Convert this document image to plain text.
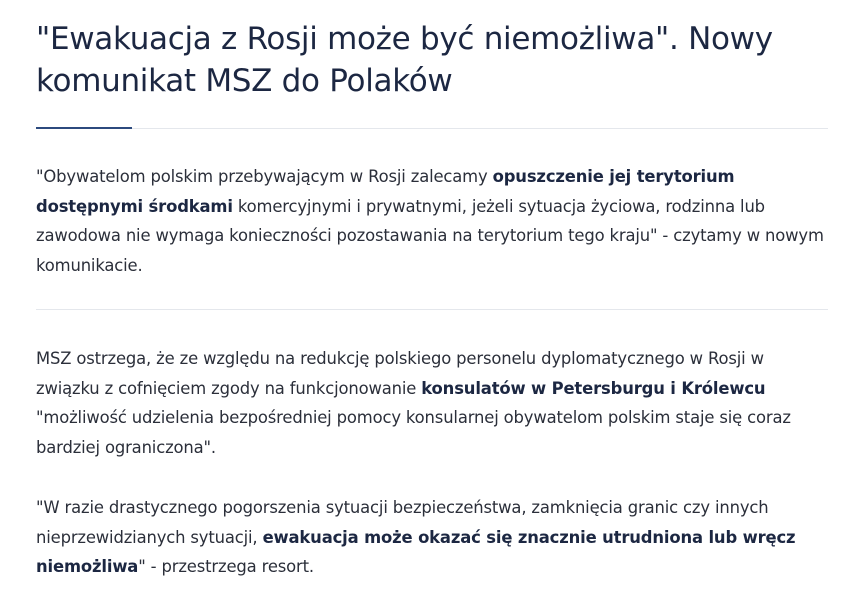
"Ewakuacja z Rosji może być niemożliwa". Nowy
komunikat MSZ do Polaków

"Obywatelom polskim przebywającym w Rosji zalecamy opuszczenie jej terytorium dostępnymi środkami komercyjnymi i prywatnymi, jeżeli sytuacja życiowa, rodzinna lub zawodowa nie wymaga konieczności pozostawania na terytorium tego kraju" - czytamy w nowym komunikacie.

MSZ ostrzega, że ze względu na redukcję polskiego personelu dyplomatycznego w Rosji w związku z cofnięciem zgody na funkcjonowanie konsulatów w Petersburgu i Królewcu "możliwość udzielenia bezpośredniej pomocy konsularnej obywatelom polskim staje się coraz bardziej ograniczona".

"W razie drastycznego pogorszenia sytuacji bezpieczeństwa, zamknięcia granic czy innych nieprzewidzianych sytuacji, ewakuacja może okazać się znacznie utrudniona lub wręcz niemożliwa" - przestrzega resort.
